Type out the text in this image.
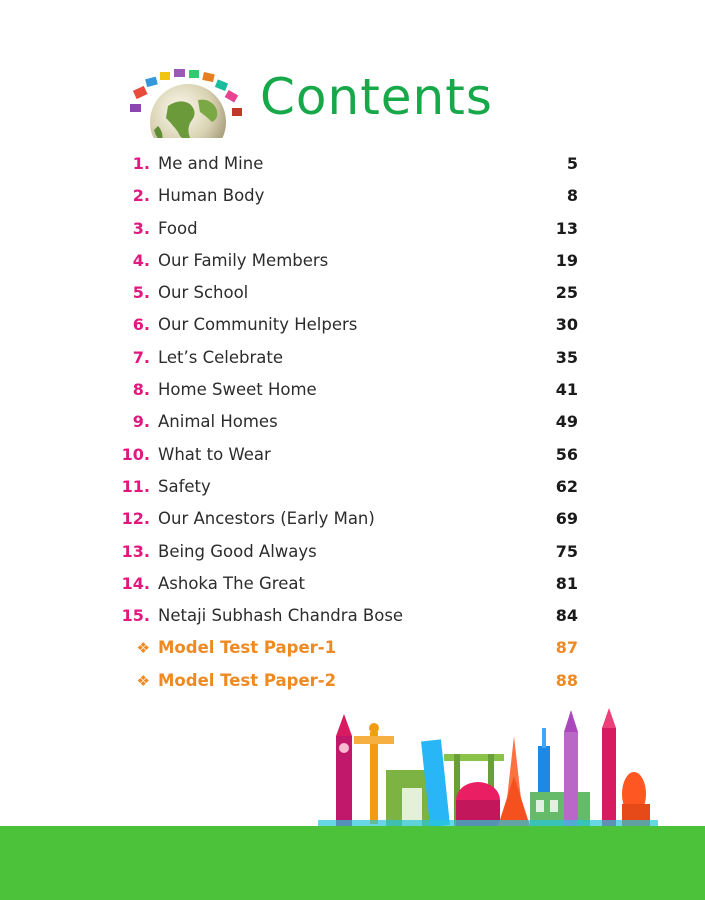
Contents
1. Me and Mine	5
2. Human Body	8
3. Food	13
4. Our Family Members	19
5. Our School	25
6. Our Community Helpers	30
7. Let’s Celebrate	35
8. Home Sweet Home	41
9. Animal Homes	49
10. What to Wear	56
11. Safety	62
12. Our Ancestors (Early Man)	69
13. Being Good Always	75
14. Ashoka The Great	81
15. Netaji Subhash Chandra Bose	84
❖ Model Test Paper-1	87
❖ Model Test Paper-2	88
